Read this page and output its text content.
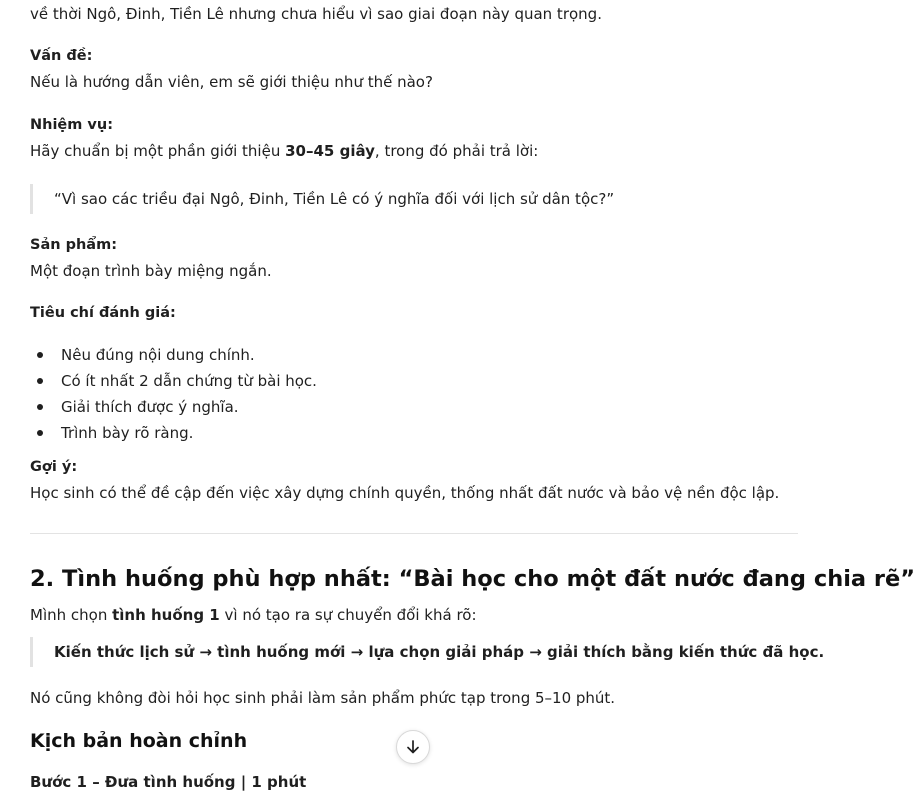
về thời Ngô, Đinh, Tiền Lê nhưng chưa hiểu vì sao giai đoạn này quan trọng.
Vấn đề:
Nếu là hướng dẫn viên, em sẽ giới thiệu như thế nào?
Nhiệm vụ:
Hãy chuẩn bị một phần giới thiệu 30–45 giây, trong đó phải trả lời:
“Vì sao các triều đại Ngô, Đinh, Tiền Lê có ý nghĩa đối với lịch sử dân tộc?”
Sản phẩm:
Một đoạn trình bày miệng ngắn.
Tiêu chí đánh giá:
Nêu đúng nội dung chính.
Có ít nhất 2 dẫn chứng từ bài học.
Giải thích được ý nghĩa.
Trình bày rõ ràng.
Gợi ý:
Học sinh có thể đề cập đến việc xây dựng chính quyền, thống nhất đất nước và bảo vệ nền độc lập.
2. Tình huống phù hợp nhất: “Bài học cho một đất nước đang chia rẽ”
Mình chọn tình huống 1 vì nó tạo ra sự chuyển đổi khá rõ:
Kiến thức lịch sử → tình huống mới → lựa chọn giải pháp → giải thích bằng kiến thức đã học.
Nó cũng không đòi hỏi học sinh phải làm sản phẩm phức tạp trong 5–10 phút.
Kịch bản hoàn chỉnh
Bước 1 – Đưa tình huống | 1 phút
